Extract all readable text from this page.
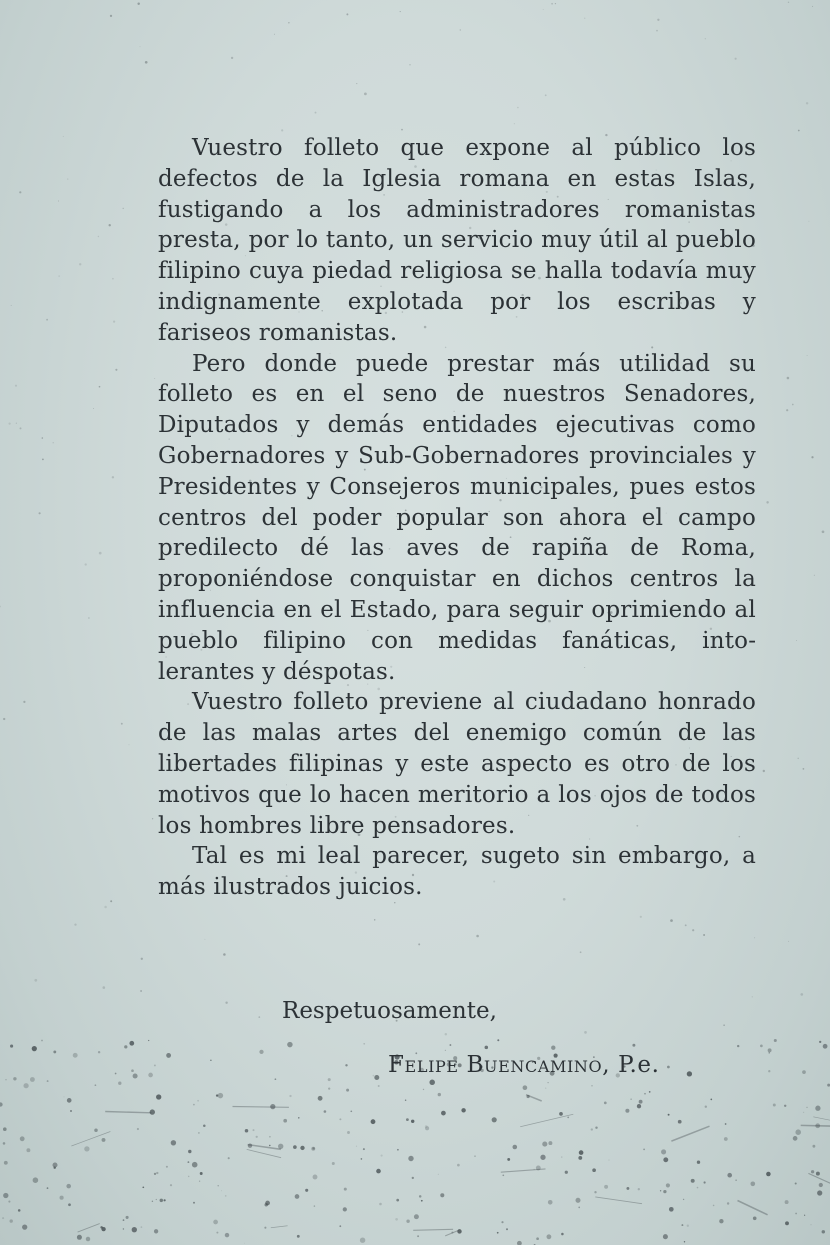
Vuestro folleto que expone al público los defectos de la Iglesia romana en estas Islas, fustigando a los administradores romanistas presta, por lo tanto, un servicio muy útil al pueblo filipino cuya piedad religiosa se halla todavía muy indignamente explotada por los escribas y fariseos romanistas.

Pero donde puede prestar más utilidad su folleto es en el seno de nuestros Senadores, Diputados y demás entidades ejecutivas como Gobernadores y Sub-Gobernadores provinciales y Presidentes y Consejeros municipales, pues estos centros del poder popular son ahora el campo predilecto dé las aves de rapiña de Roma, proponiéndose conquistar en dichos centros la influencia en el Estado, para seguir oprimiendo al pueblo filipino con medidas fanáticas, intolerantes y déspotas.

Vuestro folleto previene al ciudadano honrado de las malas artes del enemigo común de las libertades filipinas y este aspecto es otro de los motivos que lo hacen meritorio a los ojos de todos los hombres libre pensadores.

Tal es mi leal parecer, sugeto sin embargo, a más ilustrados juicios.

Respetuosamente,

Felipe Buencamino, P.e.
